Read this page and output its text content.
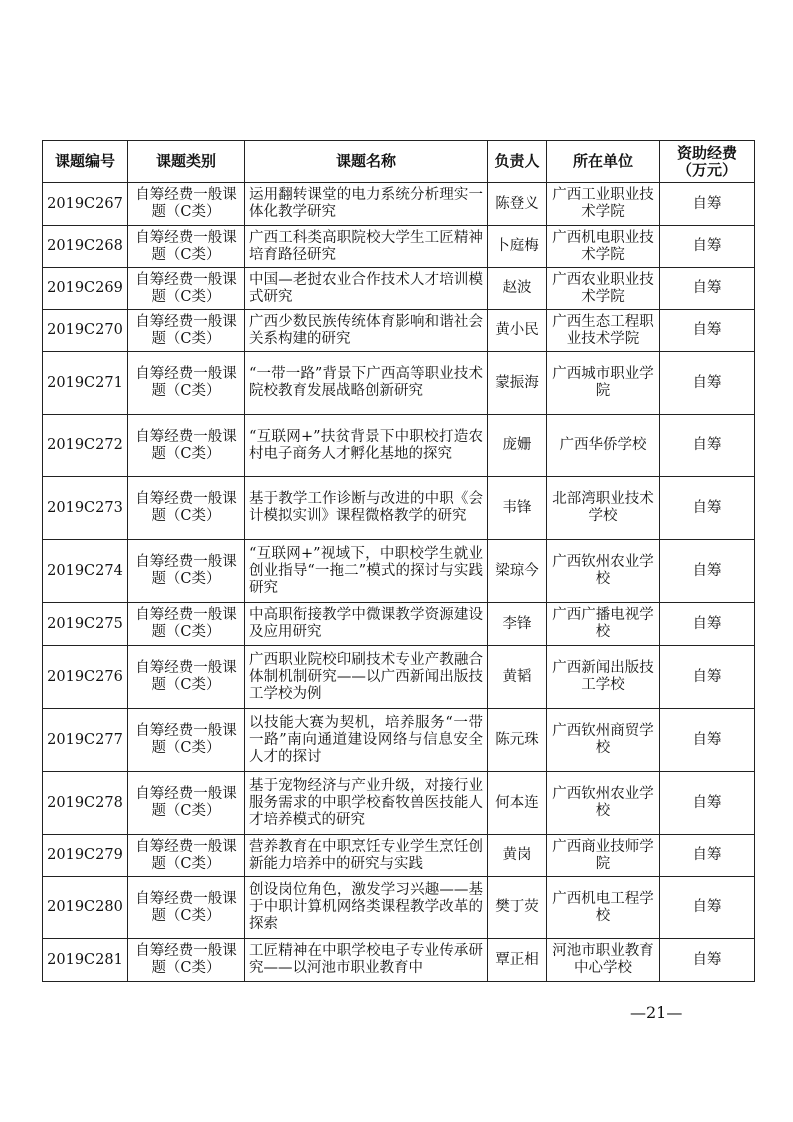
课题编号	课题类别	课题名称	负责人	所在单位	资助经费（万元）
2019C267	自筹经费一般课题（C类）	运用翻转课堂的电力系统分析理实一体化教学研究	陈登义	广西工业职业技术学院	自筹
2019C268	自筹经费一般课题（C类）	广西工科类高职院校大学生工匠精神培育路径研究	卜庭梅	广西机电职业技术学院	自筹
2019C269	自筹经费一般课题（C类）	中国—老挝农业合作技术人才培训模式研究	赵波	广西农业职业技术学院	自筹
2019C270	自筹经费一般课题（C类）	广西少数民族传统体育影响和谐社会关系构建的研究	黄小民	广西生态工程职业技术学院	自筹
2019C271	自筹经费一般课题（C类）	“一带一路”背景下广西高等职业技术院校教育发展战略创新研究	蒙振海	广西城市职业学院	自筹
2019C272	自筹经费一般课题（C类）	“互联网+”扶贫背景下中职校打造农村电子商务人才孵化基地的探究	庞姗	广西华侨学校	自筹
2019C273	自筹经费一般课题（C类）	基于教学工作诊断与改进的中职《会计模拟实训》课程微格教学的研究	韦锋	北部湾职业技术学校	自筹
2019C274	自筹经费一般课题（C类）	“互联网+”视域下，中职校学生就业创业指导“一拖二”模式的探讨与实践研究	梁琼今	广西钦州农业学校	自筹
2019C275	自筹经费一般课题（C类）	中高职衔接教学中微课教学资源建设及应用研究	李锋	广西广播电视学校	自筹
2019C276	自筹经费一般课题（C类）	广西职业院校印刷技术专业产教融合体制机制研究——以广西新闻出版技工学校为例	黄韬	广西新闻出版技工学校	自筹
2019C277	自筹经费一般课题（C类）	以技能大赛为契机，培养服务“一带一路”南向通道建设网络与信息安全人才的探讨	陈元珠	广西钦州商贸学校	自筹
2019C278	自筹经费一般课题（C类）	基于宠物经济与产业升级，对接行业服务需求的中职学校畜牧兽医技能人才培养模式的研究	何本连	广西钦州农业学校	自筹
2019C279	自筹经费一般课题（C类）	营养教育在中职烹饪专业学生烹饪创新能力培养中的研究与实践	黄岗	广西商业技师学院	自筹
2019C280	自筹经费一般课题（C类）	创设岗位角色，激发学习兴趣——基于中职计算机网络类课程教学改革的探索	樊丁荧	广西机电工程学校	自筹
2019C281	自筹经费一般课题（C类）	工匠精神在中职学校电子专业传承研究——以河池市职业教育中	覃正相	河池市职业教育中心学校	自筹
—21—
